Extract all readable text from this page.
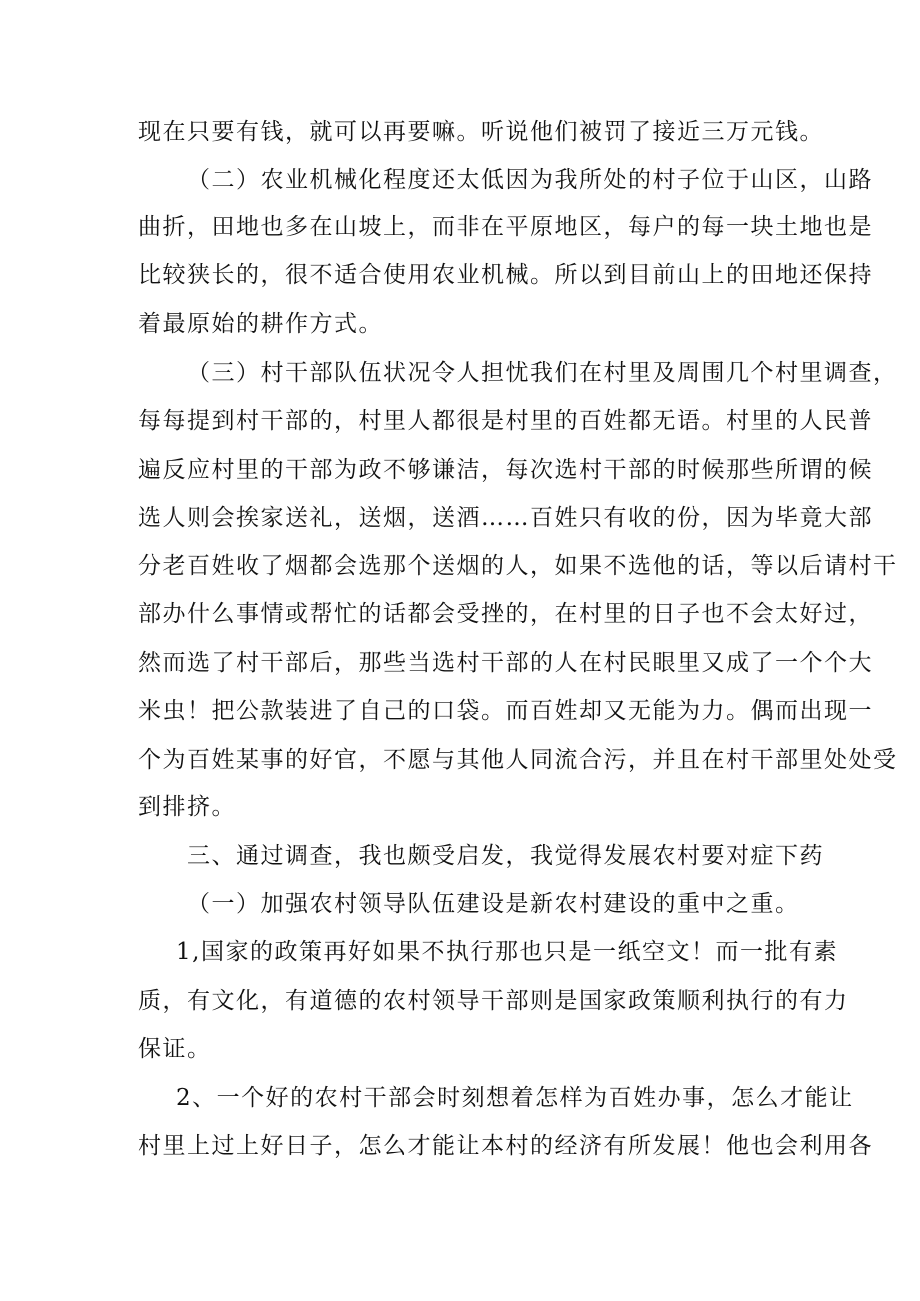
现在只要有钱，就可以再要嘛。听说他们被罚了接近三万元钱。
（二）农业机械化程度还太低因为我所处的村子位于山区，山路
曲折，田地也多在山坡上，而非在平原地区，每户的每一块土地也是
比较狭长的，很不适合使用农业机械。所以到目前山上的田地还保持
着最原始的耕作方式。
（三）村干部队伍状况令人担忧我们在村里及周围几个村里调查，
每每提到村干部的，村里人都很是村里的百姓都无语。村里的人民普
遍反应村里的干部为政不够谦洁，每次选村干部的时候那些所谓的候
选人则会挨家送礼，送烟，送酒……百姓只有收的份，因为毕竟大部
分老百姓收了烟都会选那个送烟的人，如果不选他的话，等以后请村干
部办什么事情或帮忙的话都会受挫的，在村里的日子也不会太好过，
然而选了村干部后，那些当选村干部的人在村民眼里又成了一个个大
米虫！把公款装进了自己的口袋。而百姓却又无能为力。偶而出现一
个为百姓某事的好官，不愿与其他人同流合污，并且在村干部里处处受
到排挤。
三、通过调查，我也颇受启发，我觉得发展农村要对症下药
（一）加强农村领导队伍建设是新农村建设的重中之重。
1,国家的政策再好如果不执行那也只是一纸空文！而一批有素
质，有文化，有道德的农村领导干部则是国家政策顺利执行的有力
保证。
2、一个好的农村干部会时刻想着怎样为百姓办事，怎么才能让
村里上过上好日子，怎么才能让本村的经济有所发展！他也会利用各
